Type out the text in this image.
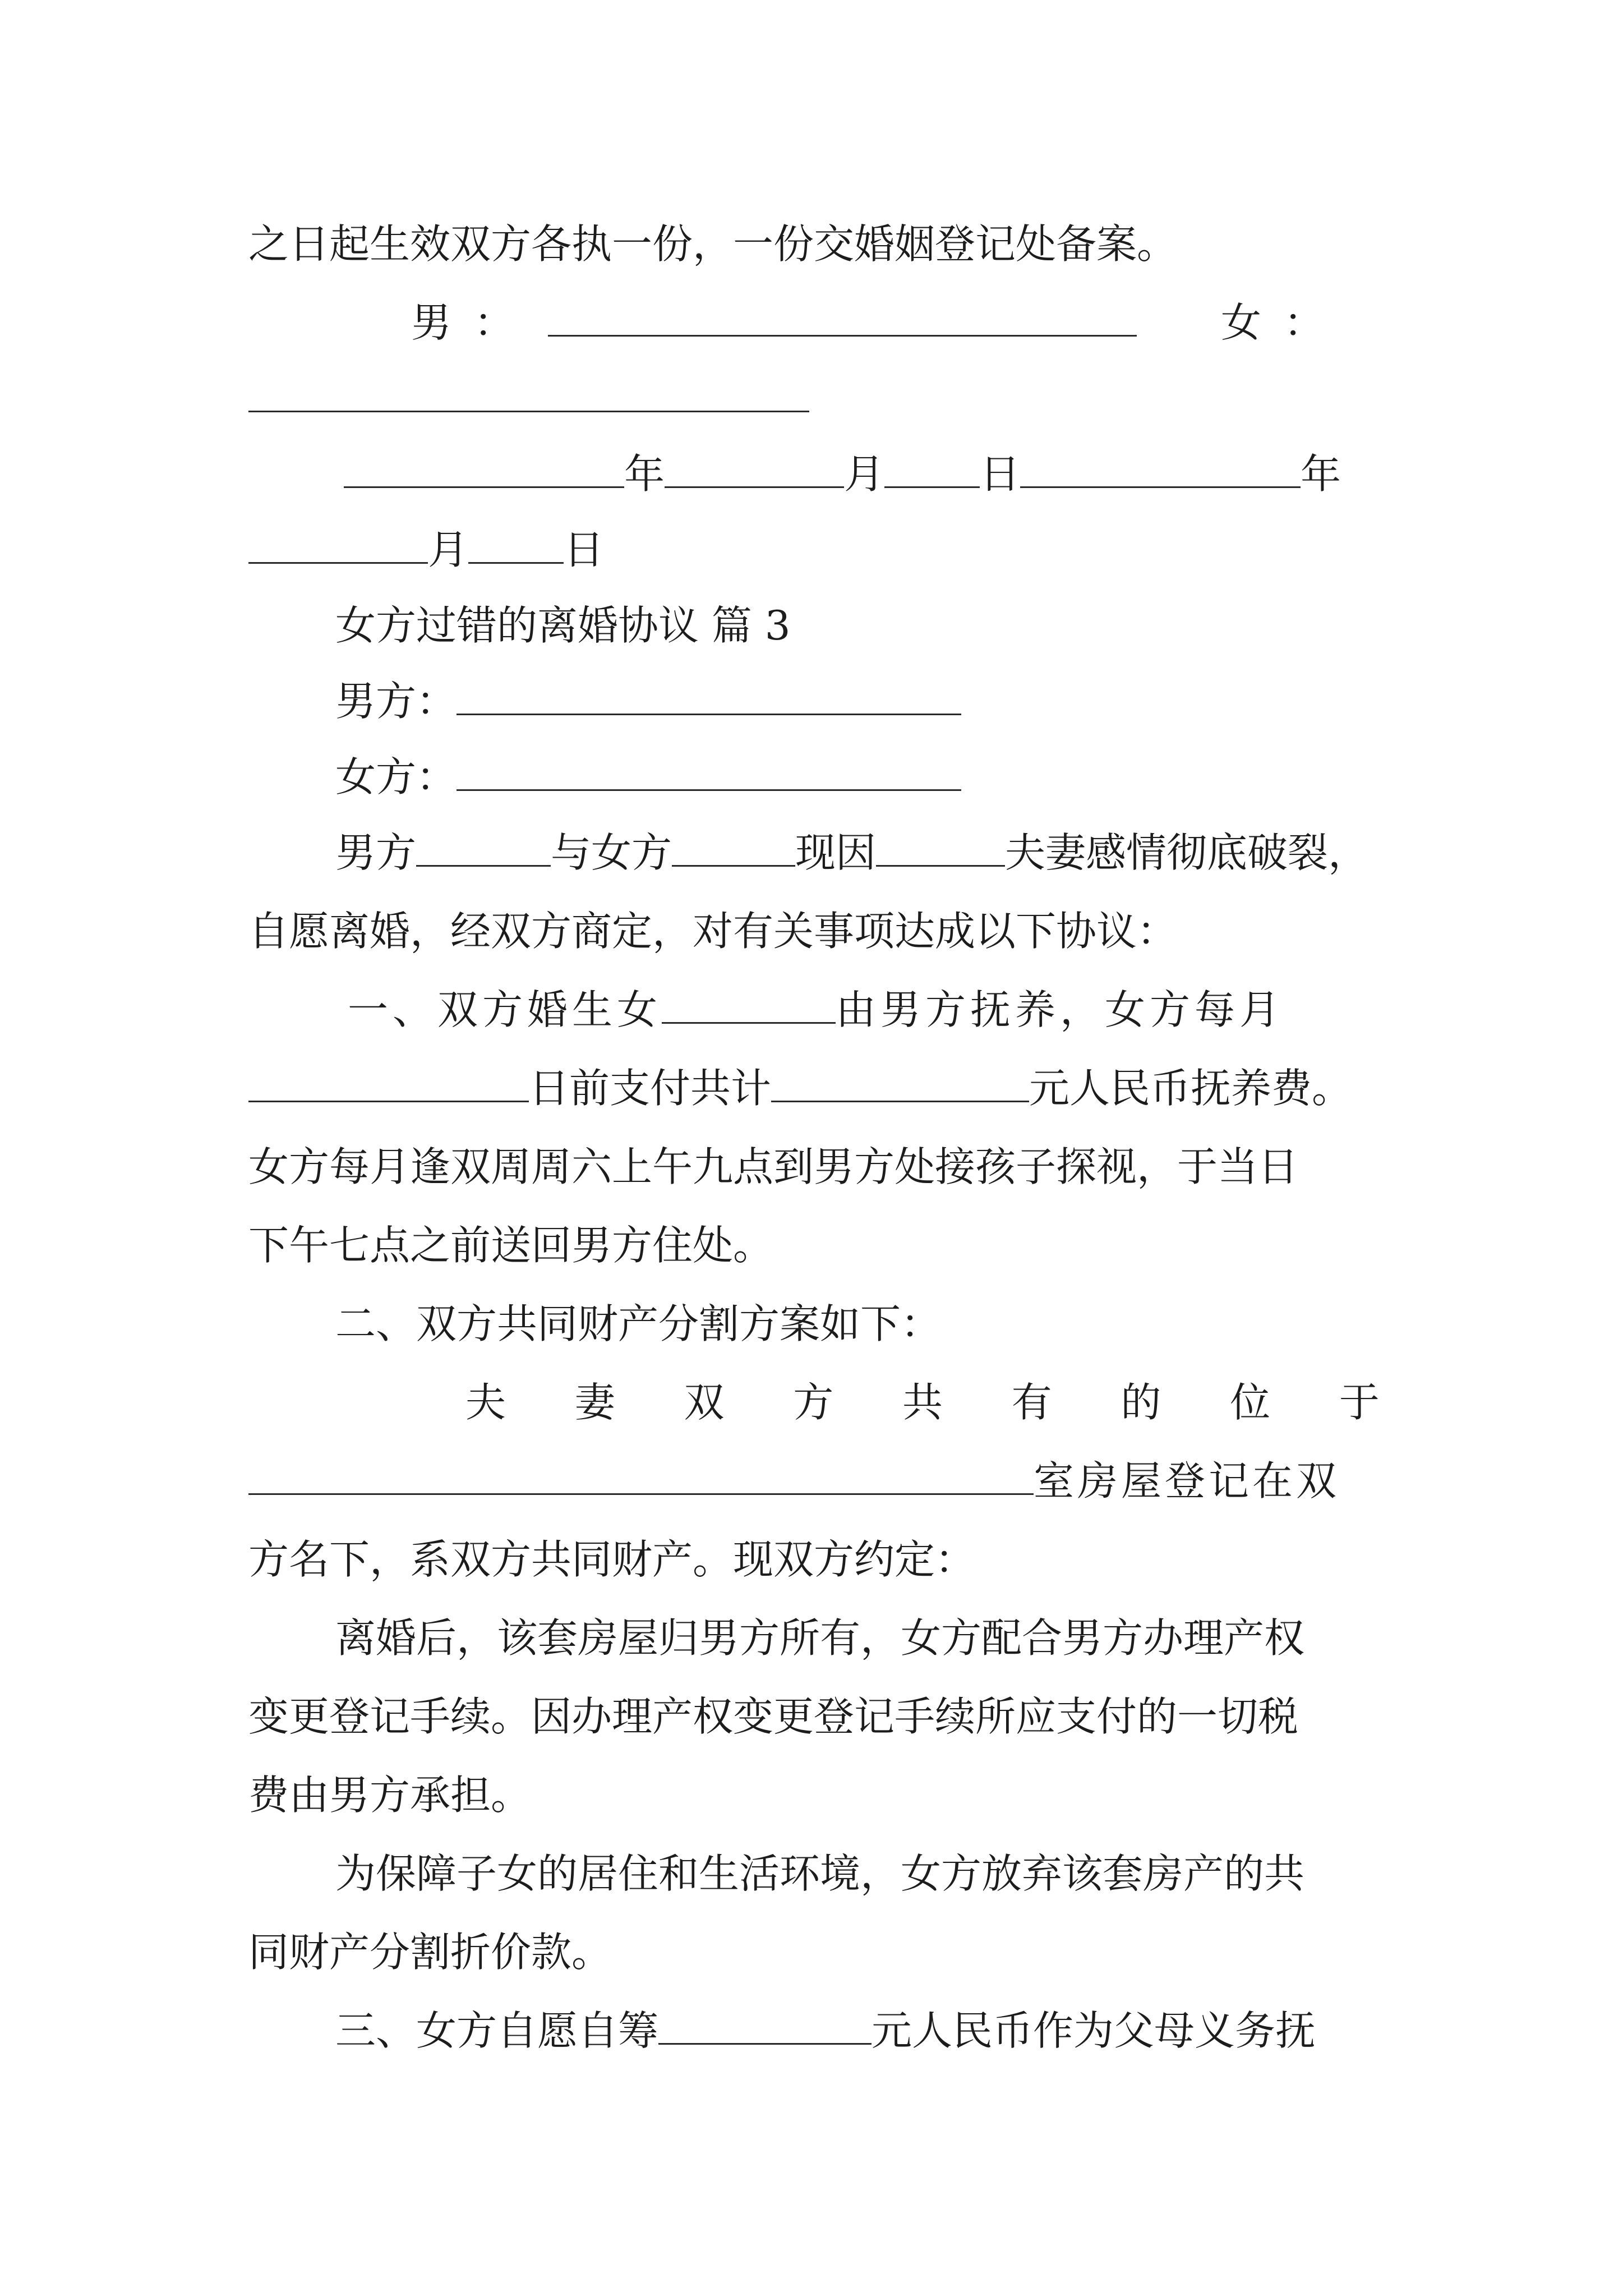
之日起生效双方各执一份，一份交婚姻登记处备案。
男 ：	女 ：
年	月 日	年
月 日
女方过错的离婚协议 篇 3
男方：
女方：
男方	与女方	现因	夫妻感情彻底破裂，
自愿离婚，经双方商定，对有关事项达成以下协议：
一、双方婚生女	由男方抚养，女方每月
日前支付共计	元人民币抚养费。
女方每月逢双周周六上午九点到男方处接孩子探视，于当日
下午七点之前送回男方住处。
二、双方共同财产分割方案如下：
夫 妻 双 方 共 有 的 位 于
室房屋登记在双
方名下，系双方共同财产。现双方约定：
离婚后，该套房屋归男方所有，女方配合男方办理产权
变更登记手续。因办理产权变更登记手续所应支付的一切税
费由男方承担。
为保障子女的居住和生活环境，女方放弃该套房产的共
同财产分割折价款。
三、女方自愿自筹	元人民币作为父母义务抚
